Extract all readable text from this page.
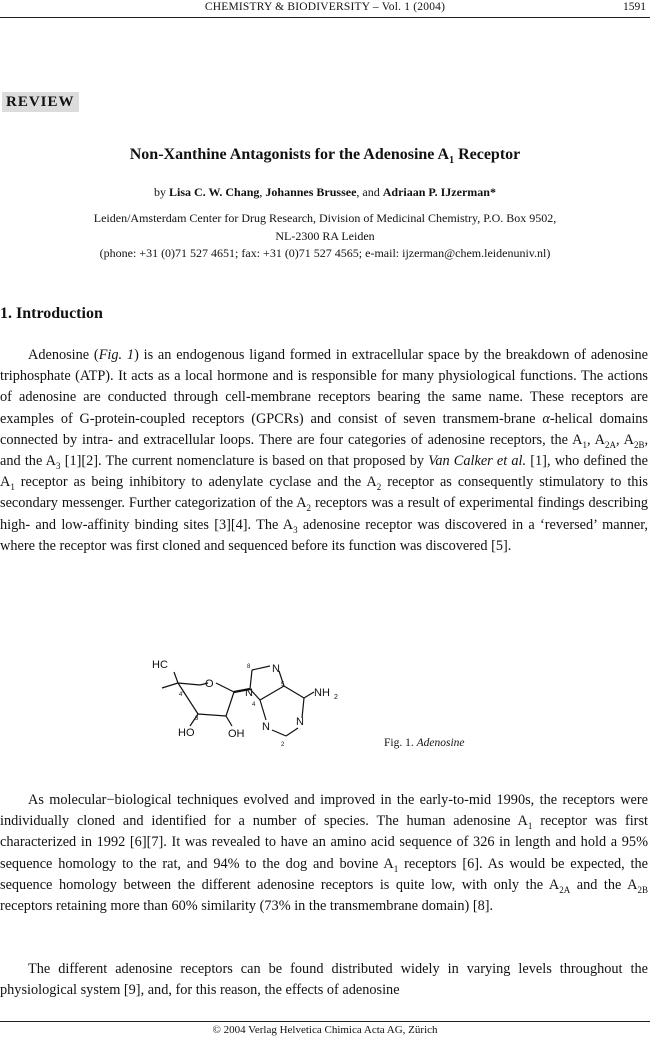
CHEMISTRY & BIODIVERSITY – Vol. 1 (2004)	1591
REVIEW
Non-Xanthine Antagonists for the Adenosine $A_1$ Receptor
by Lisa C. W. Chang, Johannes Brussee, and Adriaan P. IJzerman*
Leiden/Amsterdam Center for Drug Research, Division of Medicinal Chemistry, P.O. Box 9502,
NL-2300 RA Leiden
(phone: +31 (0)71 527 4651; fax: +31 (0)71 527 4565; e-mail: ijzerman@chem.leidenuniv.nl)
1. Introduction
Adenosine (Fig. 1) is an endogenous ligand formed in extracellular space by the breakdown of adenosine triphosphate (ATP). It acts as a local hormone and is responsible for many physiological functions. The actions of adenosine are conducted through cell-membrane receptors bearing the same name. These receptors are examples of G-protein-coupled receptors (GPCRs) and consist of seven transmem-brane α-helical domains connected by intra- and extracellular loops. There are four categories of adenosine receptors, the $A_1$, $A_{2A}$, $A_{2B}$, and the $A_3$ [1][2]. The current nomenclature is based on that proposed by Van Calker et al. [1], who defined the $A_1$ receptor as being inhibitory to adenylate cyclase and the $A_2$ receptor as consequently stimulatory to this secondary messenger. Further categorization of the $A_2$ receptors was a result of experimental findings describing high- and low-affinity binding sites [3][4]. The $A_3$ adenosine receptor was discovered in a ‘reversed’ manner, where the receptor was first cloned and sequenced before its function was discovered [5].
HC
HO	OH
O
N
N
N N
NH 2
8
5
4
2
4'
3
Fig. 1. Adenosine
As molecular−biological techniques evolved and improved in the early-to-mid 1990s, the receptors were individually cloned and identified for a number of species. The human adenosine $A_1$ receptor was first characterized in 1992 [6][7]. It was revealed to have an amino acid sequence of 326 in length and hold a 95% sequence homology to the rat, and 94% to the dog and bovine $A_1$ receptors [6]. As would be expected, the sequence homology between the different adenosine receptors is quite low, with only the $A_{2A}$ and the $A_{2B}$ receptors retaining more than 60% similarity (73% in the transmembrane domain) [8].
The different adenosine receptors can be found distributed widely in varying levels throughout the physiological system [9], and, for this reason, the effects of adenosine
© 2004 Verlag Helvetica Chimica Acta AG, Zürich
